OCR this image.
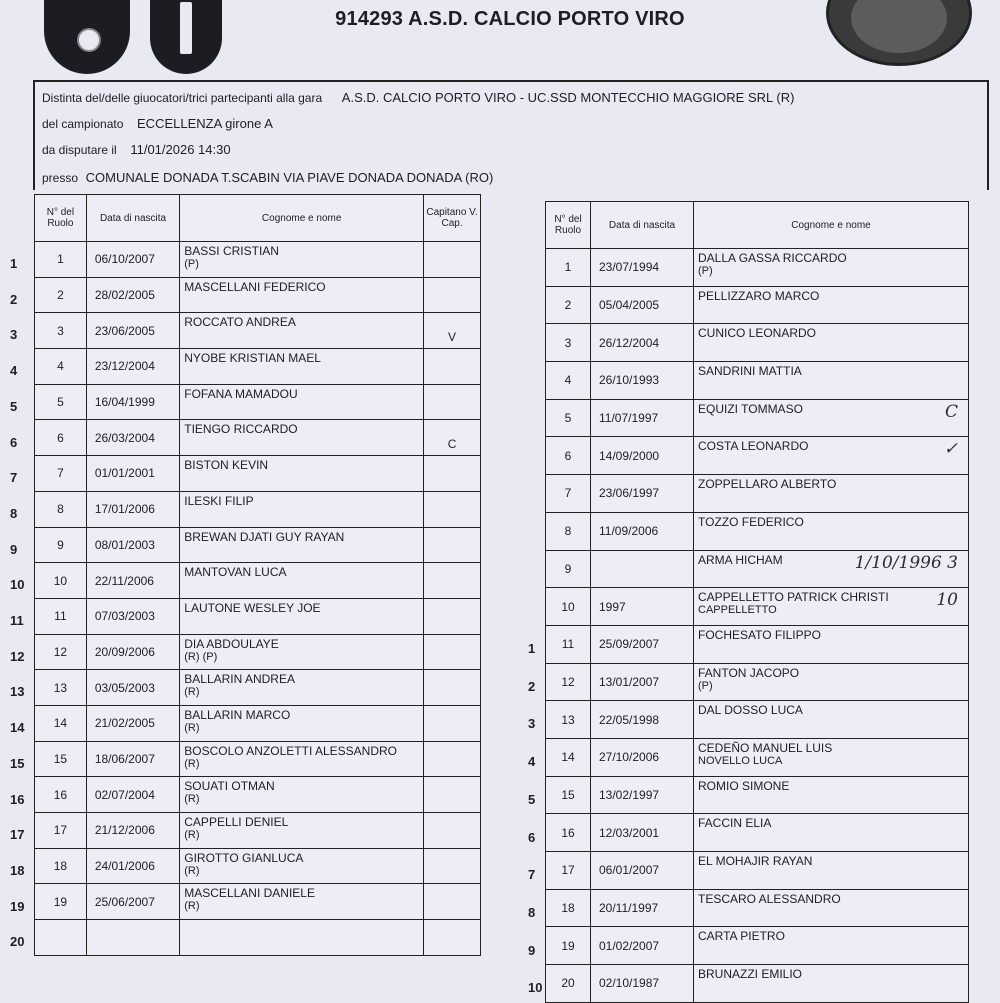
914293 A.S.D. CALCIO PORTO VIRO
Distinta del/delle giuocatori/trici partecipanti alla gara A.S.D. CALCIO PORTO VIRO - UC.SSD MONTECCHIO MAGGIORE SRL (R)
del campionato ECCELLENZA girone A
da disputare il 11/01/2026 14:30
presso COMUNALE DONADA T.SCABIN VIA PIAVE DONADA DONADA (RO)
N° del Ruolo	Data di nascita	Cognome e nome	Capitano V. Cap.
1	06/10/2007	BASSI CRISTIAN
(P)	

2	28/02/2005	MASCELLANI FEDERICO

3	23/06/2005	ROCCATO ANDREA	V
4	23/12/2004	NYOBE KRISTIAN MAEL

5	16/04/1999	FOFANA MAMADOU

6	26/03/2004	TIENGO RICCARDO	C
7	01/01/2001	BISTON KEVIN

8	17/01/2006	ILESKI FILIP

9	08/01/2003	BREWAN DJATI GUY RAYAN

10	22/11/2006	MANTOVAN LUCA

11	07/03/2003	LAUTONE WESLEY JOE

12	20/09/2006	DIA ABDOULAYE
(R) (P)	

13	03/05/2003	BALLARIN ANDREA
(R)	

14	21/02/2005	BALLARIN MARCO
(R)	

15	18/06/2007	BOSCOLO ANZOLETTI ALESSANDRO
(R)	

16	02/07/2004	SOUATI OTMAN
(R)	

17	21/12/2006	CAPPELLI DENIEL
(R)	

18	24/01/2006	GIROTTO GIANLUCA
(R)	

19	25/06/2007	MASCELLANI DANIELE
(R)	

N° del Ruolo	Data di nascita	Cognome e nome
1	23/07/1994	DALLA GASSA RICCARDO
(P)

2	05/04/2005	PELLIZZARO MARCO

3	26/12/2004	CUNICO LEONARDO

4	26/10/1993	SANDRINI MATTIA

5	11/07/1997	EQUIZI TOMMASO C

6	14/09/2000	COSTA LEONARDO ✓

7	23/06/1997	ZOPPELLARO ALBERTO

8	11/09/2006	TOZZO FEDERICO

9		ARMA HICHAM 1/10/1996 3

10	1997	CAPPELLETTO PATRICK CHRISTI
CAPPELLETTO 10

11	25/09/2007	FOCHESATO FILIPPO

12	13/01/2007	FANTON JACOPO
(P)

13	22/05/1998	DAL DOSSO LUCA

14	27/10/2006	CEDEÑO MANUEL LUIS
NOVELLO LUCA

15	13/02/1997	ROMIO SIMONE

16	12/03/2001	FACCIN ELIA

17	06/01/2007	EL MOHAJIR RAYAN

18	20/11/1997	TESCARO ALESSANDRO

19	01/02/2007	CARTA PIETRO

20	02/10/1987	BRUNAZZI EMILIO
1
2
3
4
5
6
7
8
9
10
11
12
13
14
15
16
17
18
19
20
1
2
3
4
5
6
7
8
9
10
